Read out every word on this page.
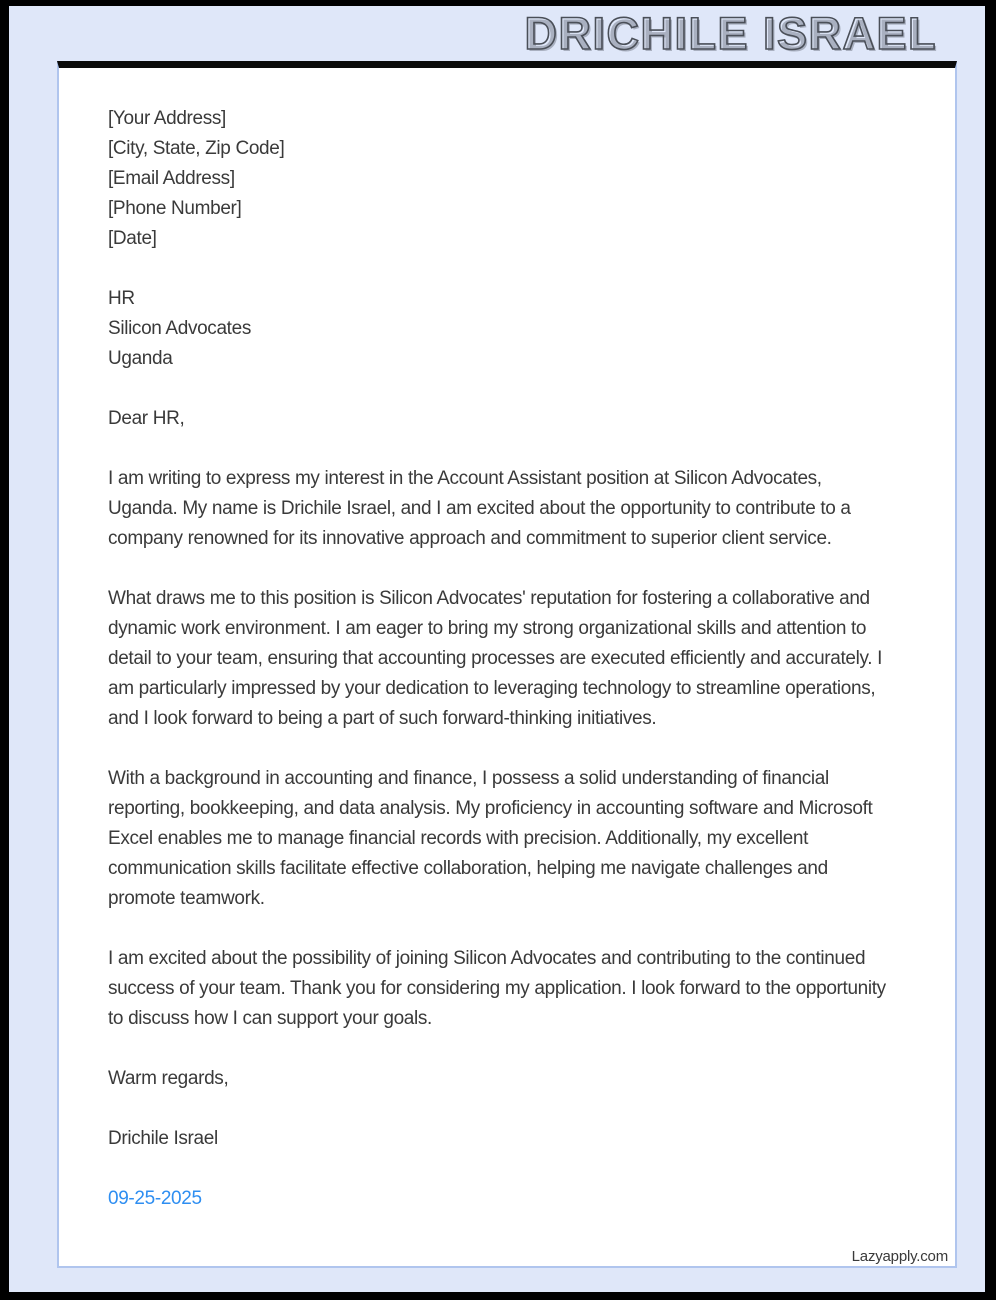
DRICHILE ISRAEL
[Your Address]
[City, State, Zip Code]
[Email Address]
[Phone Number]
[Date]
HR
Silicon Advocates
Uganda
Dear HR,

I am writing to express my interest in the Account Assistant position at Silicon Advocates, Uganda. My name is Drichile Israel, and I am excited about the opportunity to contribute to a company renowned for its innovative approach and commitment to superior client service.

What draws me to this position is Silicon Advocates' reputation for fostering a collaborative and dynamic work environment. I am eager to bring my strong organizational skills and attention to detail to your team, ensuring that accounting processes are executed efficiently and accurately. I am particularly impressed by your dedication to leveraging technology to streamline operations, and I look forward to being a part of such forward-thinking initiatives.

With a background in accounting and finance, I possess a solid understanding of financial reporting, bookkeeping, and data analysis. My proficiency in accounting software and Microsoft Excel enables me to manage financial records with precision. Additionally, my excellent communication skills facilitate effective collaboration, helping me navigate challenges and promote teamwork.

I am excited about the possibility of joining Silicon Advocates and contributing to the continued success of your team. Thank you for considering my application. I look forward to the opportunity to discuss how I can support your goals.

Warm regards,
Drichile Israel
09-25-2025
Lazyapply.com
